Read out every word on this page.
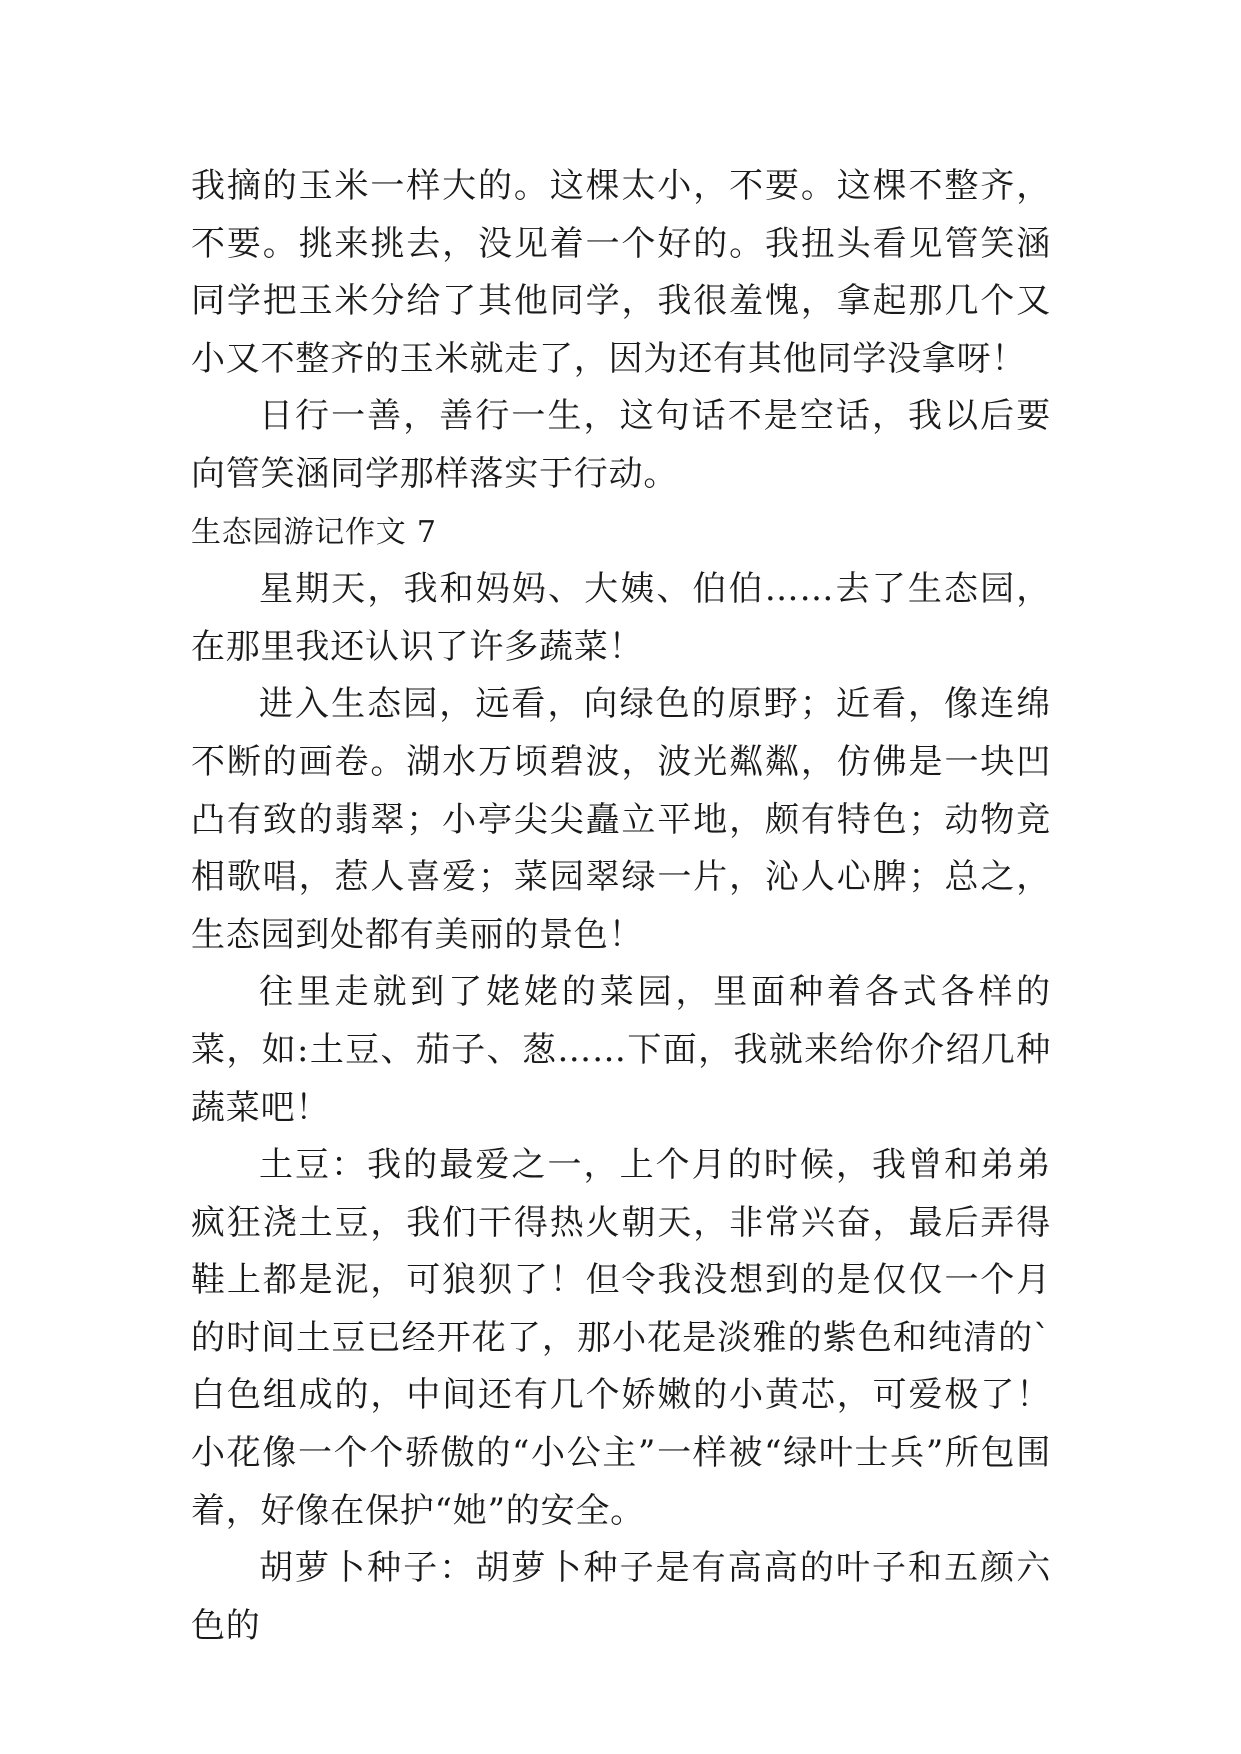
我摘的玉米一样大的。这棵太小，不要。这棵不整齐，不要。挑来挑去，没见着一个好的。我扭头看见管笑涵同学把玉米分给了其他同学，我很羞愧，拿起那几个又小又不整齐的玉米就走了，因为还有其他同学没拿呀！

日行一善，善行一生，这句话不是空话，我以后要向管笑涵同学那样落实于行动。

生态园游记作文 7

星期天，我和妈妈、大姨、伯伯……去了生态园，在那里我还认识了许多蔬菜！

进入生态园，远看，向绿色的原野；近看，像连绵不断的画卷。湖水万顷碧波，波光粼粼，仿佛是一块凹凸有致的翡翠；小亭尖尖矗立平地，颇有特色；动物竞相歌唱，惹人喜爱；菜园翠绿一片，沁人心脾；总之，生态园到处都有美丽的景色！

往里走就到了姥姥的菜园，里面种着各式各样的菜，如:土豆、茄子、葱……下面，我就来给你介绍几种蔬菜吧！

土豆：我的最爱之一，上个月的时候，我曾和弟弟疯狂浇土豆，我们干得热火朝天，非常兴奋，最后弄得鞋上都是泥，可狼狈了！但令我没想到的是仅仅一个月的时间土豆已经开花了，那小花是淡雅的紫色和纯清的`白色组成的，中间还有几个娇嫩的小黄芯，可爱极了！小花像一个个骄傲的“小公主”一样被“绿叶士兵”所包围着，好像在保护“她”的安全。

胡萝卜种子：胡萝卜种子是有高高的叶子和五颜六色的
